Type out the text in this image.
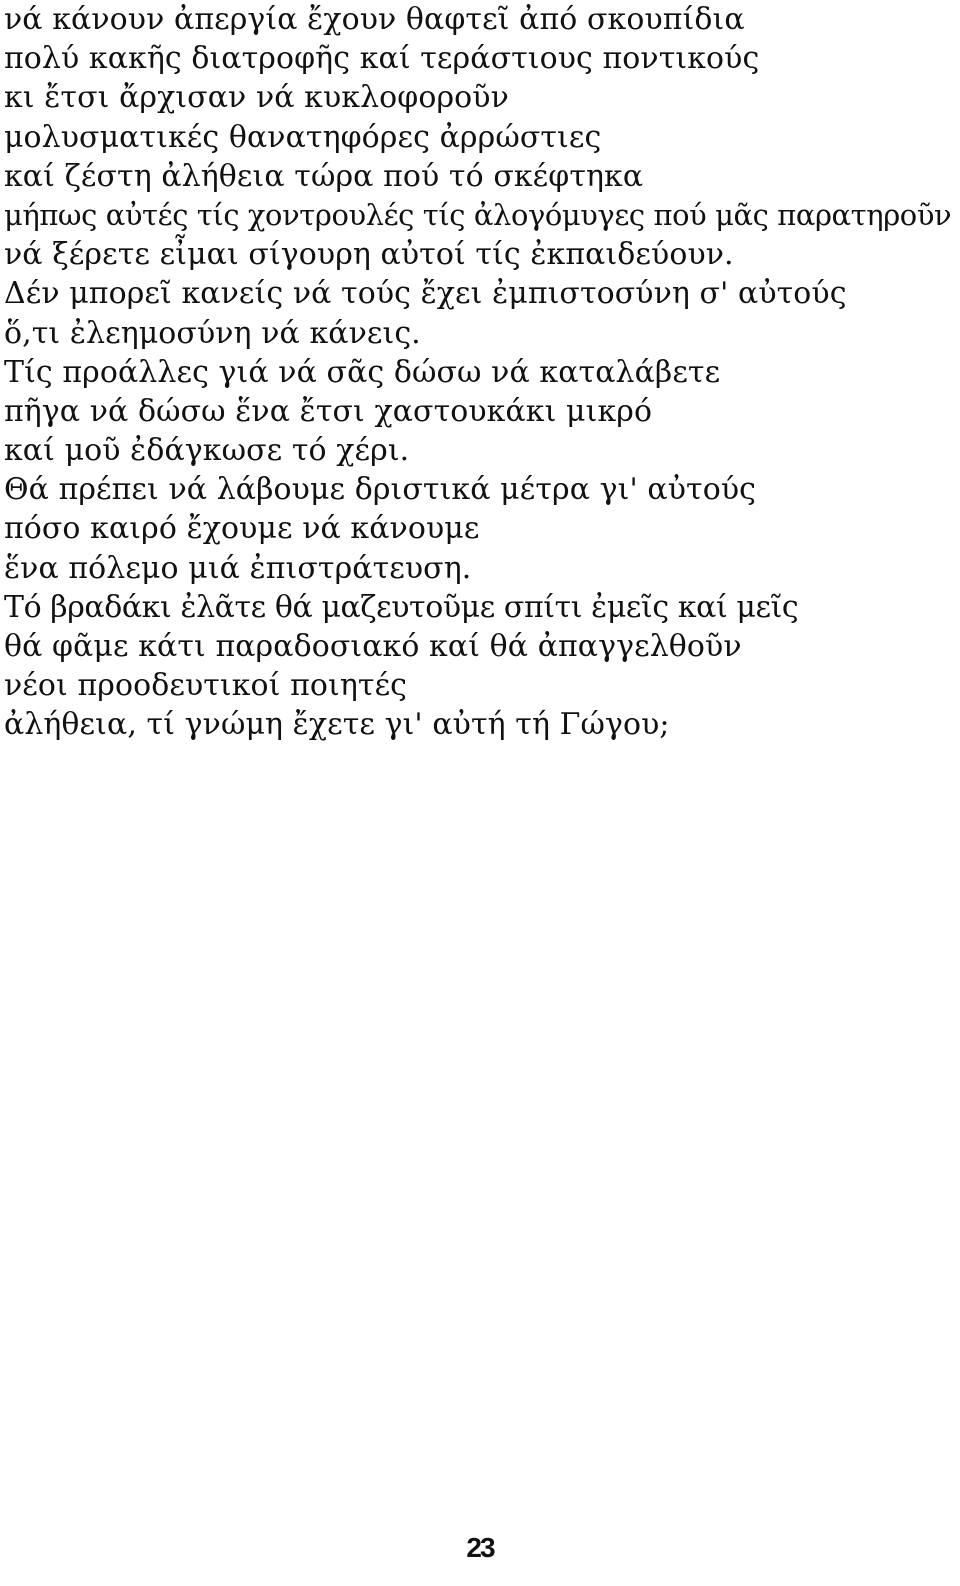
νά κάνουν ἀπεργία ἔχουν θαφτεῖ ἀπό σκουπίδια
πολύ κακῆς διατροφῆς καί τεράστιους ποντικούς
κι ἔτσι ἄρχισαν νά κυκλοφοροῦν
μολυσματικές θανατηφόρες ἀρρώστιες
καί ζέστη ἀλήθεια τώρα πού τό σκέφτηκα
μήπως αὐτές τίς χοντρουλές τίς ἀλογόμυγες πού μᾶς παρατηροῦν
νά ξέρετε εἶμαι σίγουρη αὐτοί τίς ἐκπαιδεύουν.
Δέν μπορεῖ κανείς νά τούς ἔχει ἐμπιστοσύνη σ' αὐτούς
ὅ,τι ἐλεημοσύνη νά κάνεις.
Τίς προάλλες γιά νά σᾶς δώσω νά καταλάβετε
πῆγα νά δώσω ἕνα ἔτσι χαστουκάκι μικρό
καί μοῦ ἐδάγκωσε τό χέρι.
Θά πρέπει νά λάβουμε δριστικά μέτρα γι' αὐτούς
πόσο καιρό ἔχουμε νά κάνουμε
ἕνα πόλεμο μιά ἐπιστράτευση.
Τό βραδάκι ἐλᾶτε θά μαζευτοῦμε σπίτι ἐμεῖς καί μεῖς
θά φᾶμε κάτι παραδοσιακό καί θά ἀπαγγελθοῦν
νέοι προοδευτικοί ποιητές
ἀλήθεια, τί γνώμη ἔχετε γι' αὐτή τή Γώγου;
23
